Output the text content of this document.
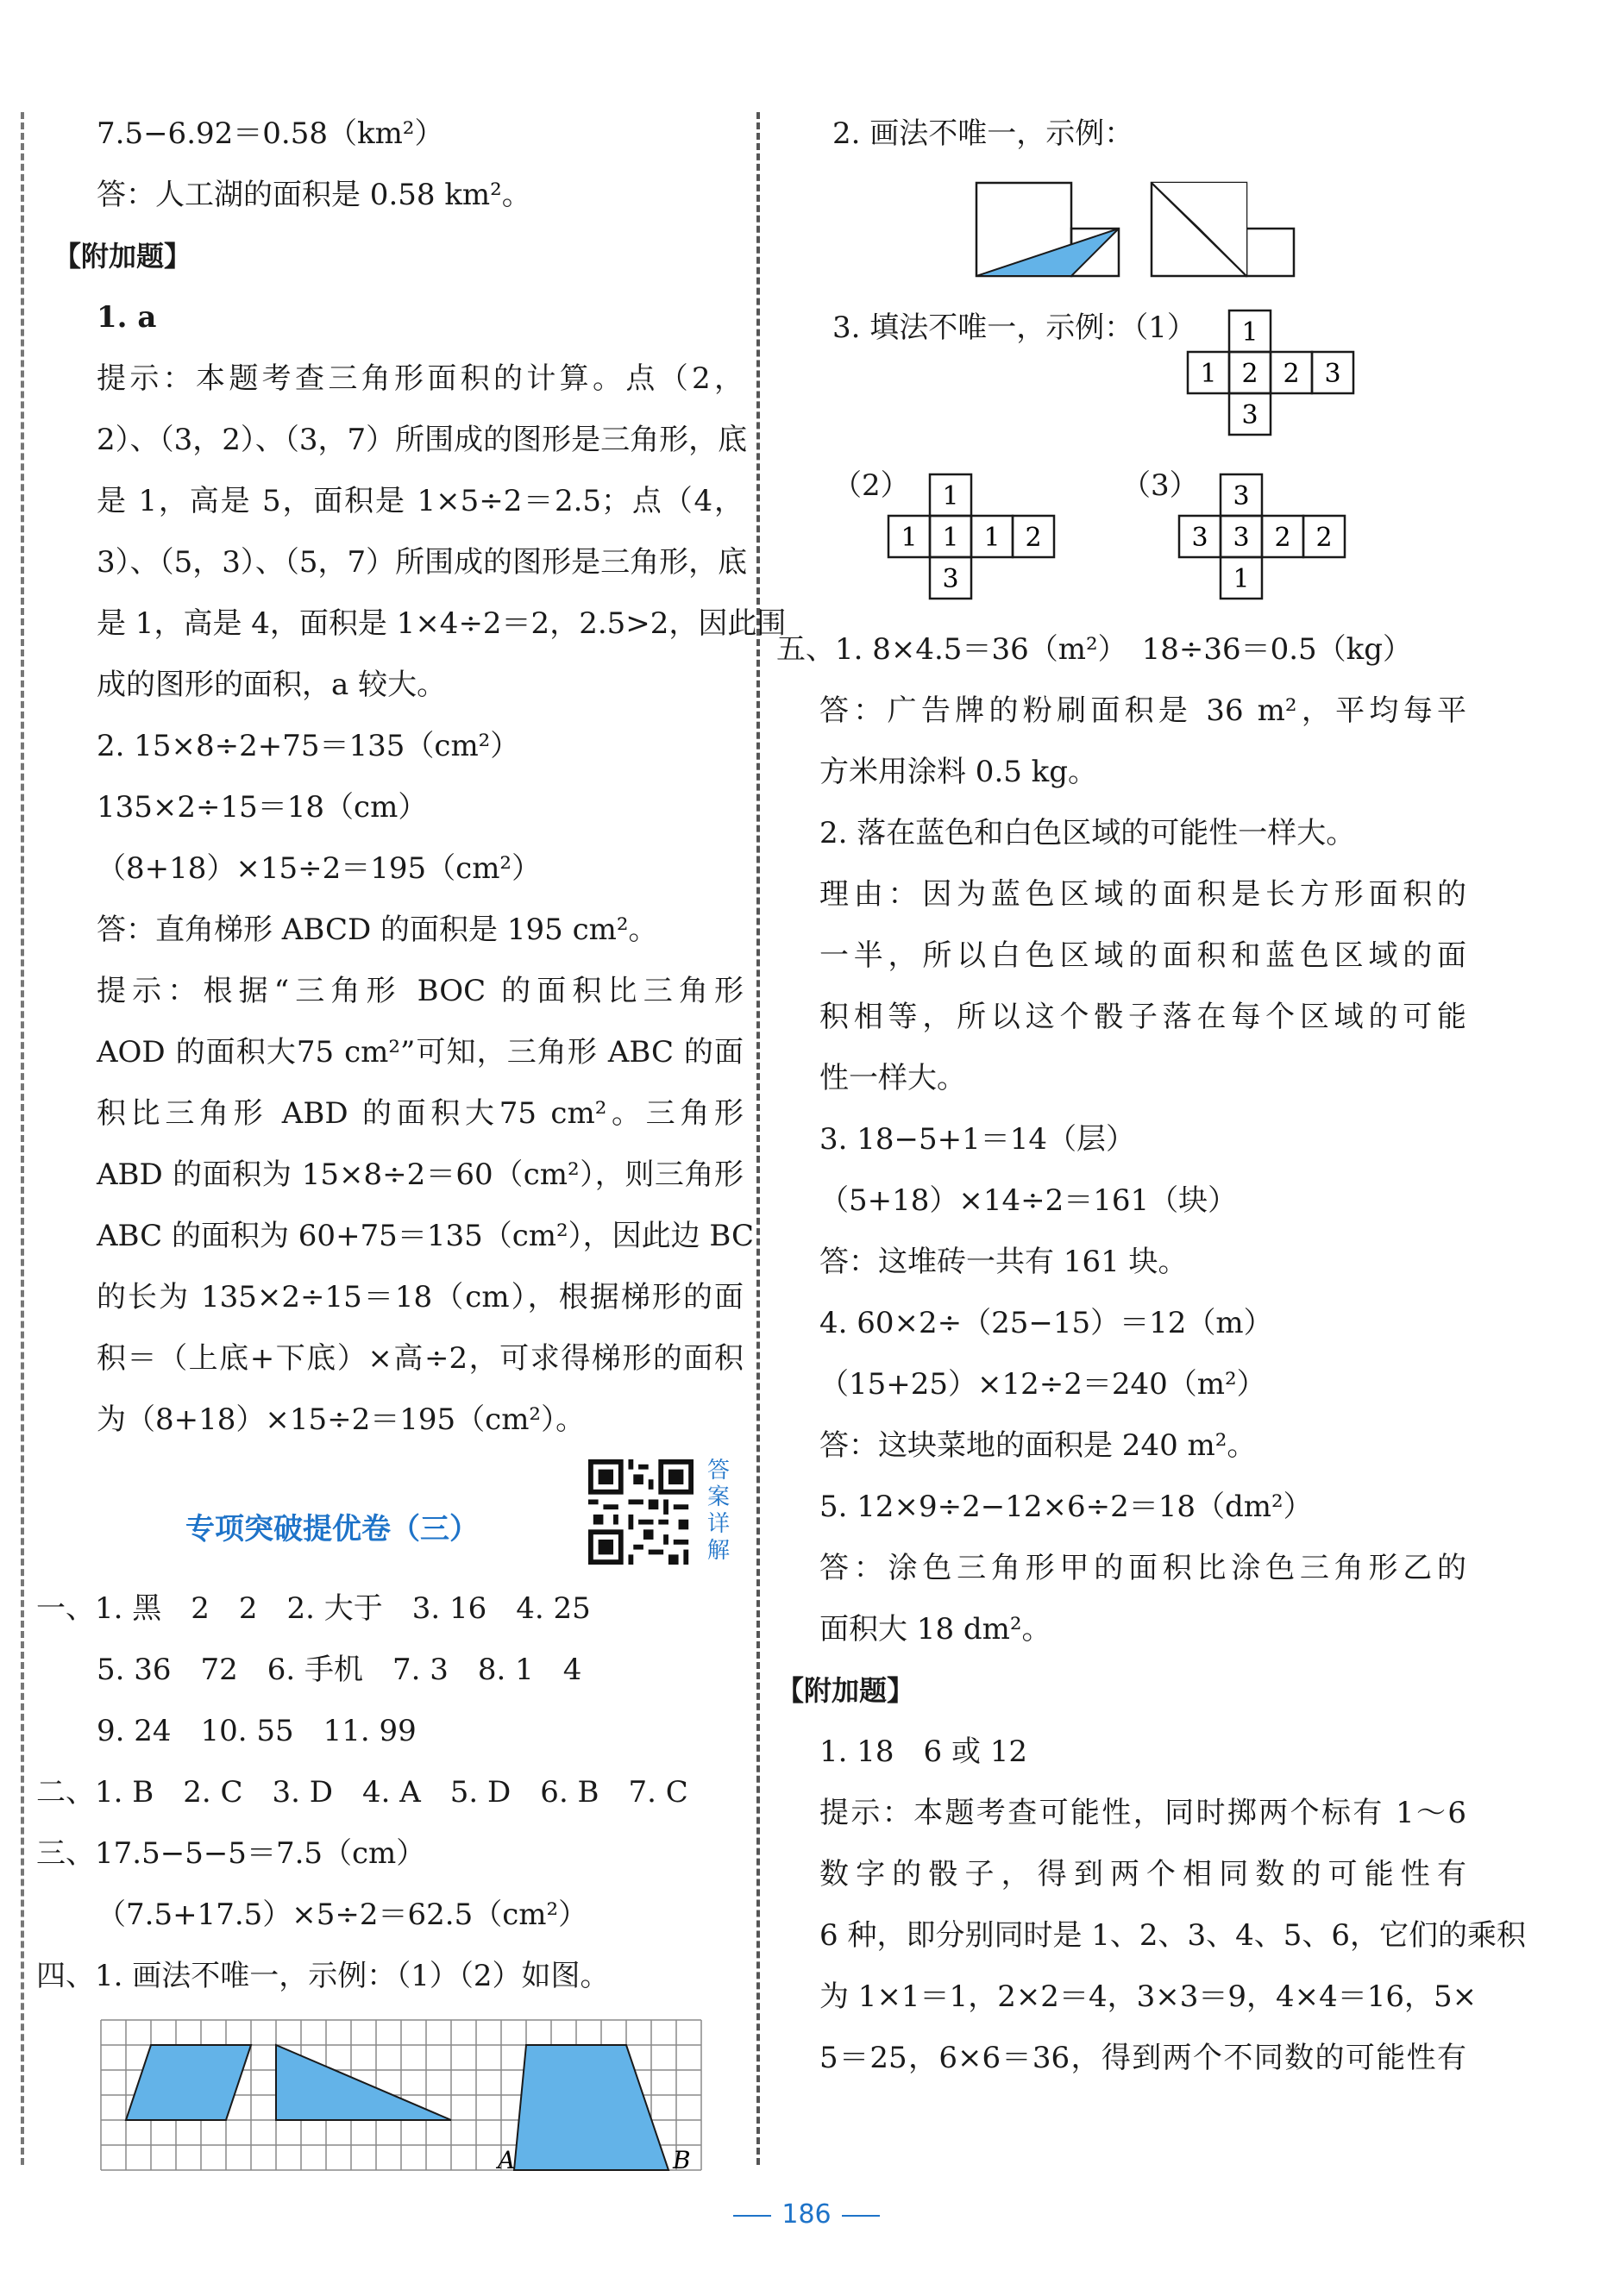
7.5−6.92＝0.58（km²）
答：人工湖的面积是 0.58 km²。
【附加题】
1. a
提示：本题考查三角形面积的计算。点（2，
2）、（3，2）、（3，7）所围成的图形是三角形，底
是 1，高是 5，面积是 1×5÷2＝2.5；点（4，
3）、（5，3）、（5，7）所围成的图形是三角形，底
是 1，高是 4，面积是 1×4÷2＝2，2.5>2，因此围
成的图形的面积，a 较大。
2. 15×8÷2+75＝135（cm²）
135×2÷15＝18（cm）
（8+18）×15÷2＝195（cm²）
答：直角梯形 ABCD 的面积是 195 cm²。
提示：根据“三角形 BOC 的面积比三角形
AOD 的面积大75 cm²”可知，三角形 ABC 的面
积比三角形 ABD 的面积大75 cm²。三角形
ABD 的面积为 15×8÷2＝60（cm²），则三角形
ABC 的面积为 60+75＝135（cm²），因此边 BC
的长为 135×2÷15＝18（cm），根据梯形的面
积＝（上底+下底）×高÷2，可求得梯形的面积
为（8+18）×15÷2＝195（cm²）。
专项突破提优卷（三）
答案详解
一、1. 黑　2　2　2. 大于　3. 16　4. 25
5. 36　72　6. 手机　7. 3　8. 1　4
9. 24　10. 55　11. 99
二、1. B　2. C　3. D　4. A　5. D　6. B　7. C
三、17.5−5−5＝7.5（cm）
（7.5+17.5）×5÷2＝62.5（cm²）
四、1. 画法不唯一，示例：（1）（2）如图。
A	B
2. 画法不唯一，示例：
3. 填法不唯一，示例：（1） 1
1 2 2 3
3
（2） 1
1 1 1 2
3
（3） 3
3 3 2 2
1
五、1. 8×4.5＝36（m²）　18÷36＝0.5（kg）
答：广告牌的粉刷面积是 36 m²，平均每平
方米用涂料 0.5 kg。
2. 落在蓝色和白色区域的可能性一样大。
理由：因为蓝色区域的面积是长方形面积的
一半，所以白色区域的面积和蓝色区域的面
积相等，所以这个骰子落在每个区域的可能
性一样大。
3. 18−5+1＝14（层）
（5+18）×14÷2＝161（块）
答：这堆砖一共有 161 块。
4. 60×2÷（25−15）＝12（m）
（15+25）×12÷2＝240（m²）
答：这块菜地的面积是 240 m²。
5. 12×9÷2−12×6÷2＝18（dm²）
答：涂色三角形甲的面积比涂色三角形乙的
面积大 18 dm²。
【附加题】
1. 18　6 或 12
提示：本题考查可能性，同时掷两个标有 1～6
数字的骰子，得到两个相同数的可能性有
6 种，即分别同时是 1、2、3、4、5、6，它们的乘积
为 1×1＝1，2×2＝4，3×3＝9，4×4＝16，5×
5＝25，6×6＝36，得到两个不同数的可能性有
186
